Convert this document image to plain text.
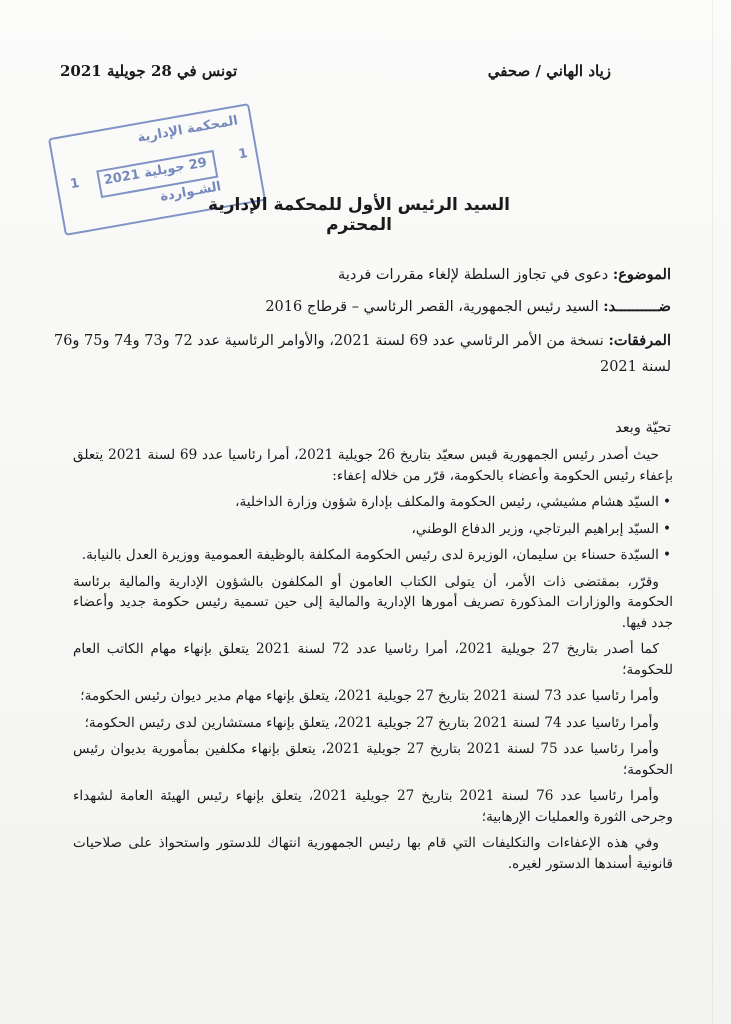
زياد الهاني / صحفي
تونس في 28 جويلية 2021
المحكمة الإدارية
1
29 جويلية 2021
1	الشـواردة
السيد الرئيس الأول للمحكمة الإدارية المحترم
الموضوع: دعوى في تجاوز السلطة لإلغاء مقررات فردية
ضــــــــــد: السيد رئيس الجمهورية، القصر الرئاسي – قرطاج 2016
المرفقات: نسخة من الأمر الرئاسي عدد 69 لسنة 2021، والأوامر الرئاسية عدد 72 و73 و74 و75 و76 لسنة 2021
تحيّة وبعد

حيث أصدر رئيس الجمهورية قيس سعيّد بتاريخ 26 جويلية 2021، أمرا رئاسيا عدد 69 لسنة 2021 يتعلق بإعفاء رئيس الحكومة وأعضاء بالحكومة، قرّر من خلاله إعفاء:

•السيّد هشام مشيشي، رئيس الحكومة والمكلف بإدارة شؤون وزارة الداخلية،
•السيّد إبراهيم البرتاجي، وزير الدفاع الوطني،
•السيّدة حسناء بن سليمان، الوزيرة لدى رئيس الحكومة المكلفة بالوظيفة العمومية ووزيرة العدل بالنيابة.

وقرّر، بمقتضى ذات الأمر، أن يتولى الكتاب العامون أو المكلفون بالشؤون الإدارية والمالية برئاسة الحكومة والوزارات المذكورة تصريف أمورها الإدارية والمالية إلى حين تسمية رئيس حكومة جديد وأعضاء جدد فيها.

كما أصدر بتاريخ 27 جويلية 2021، أمرا رئاسيا عدد 72 لسنة 2021 يتعلق بإنهاء مهام الكاتب العام للحكومة؛

وأمرا رئاسيا عدد 73 لسنة 2021 بتاريخ 27 جويلية 2021، يتعلق بإنهاء مهام مدير ديوان رئيس الحكومة؛

وأمرا رئاسيا عدد 74 لسنة 2021 بتاريخ 27 جويلية 2021، يتعلق بإنهاء مستشارين لدى رئيس الحكومة؛

وأمرا رئاسيا عدد 75 لسنة 2021 بتاريخ 27 جويلية 2021، يتعلق بإنهاء مكلفين بمأمورية بديوان رئيس الحكومة؛

وأمرا رئاسيا عدد 76 لسنة 2021 بتاريخ 27 جويلية 2021، يتعلق بإنهاء رئيس الهيئة العامة لشهداء وجرحى الثورة والعمليات الإرهابية؛

وفي هذه الإعفاءات والتكليفات التي قام بها رئيس الجمهورية انتهاك للدستور واستحواذ على صلاحيات قانونية أسندها الدستور لغيره.
